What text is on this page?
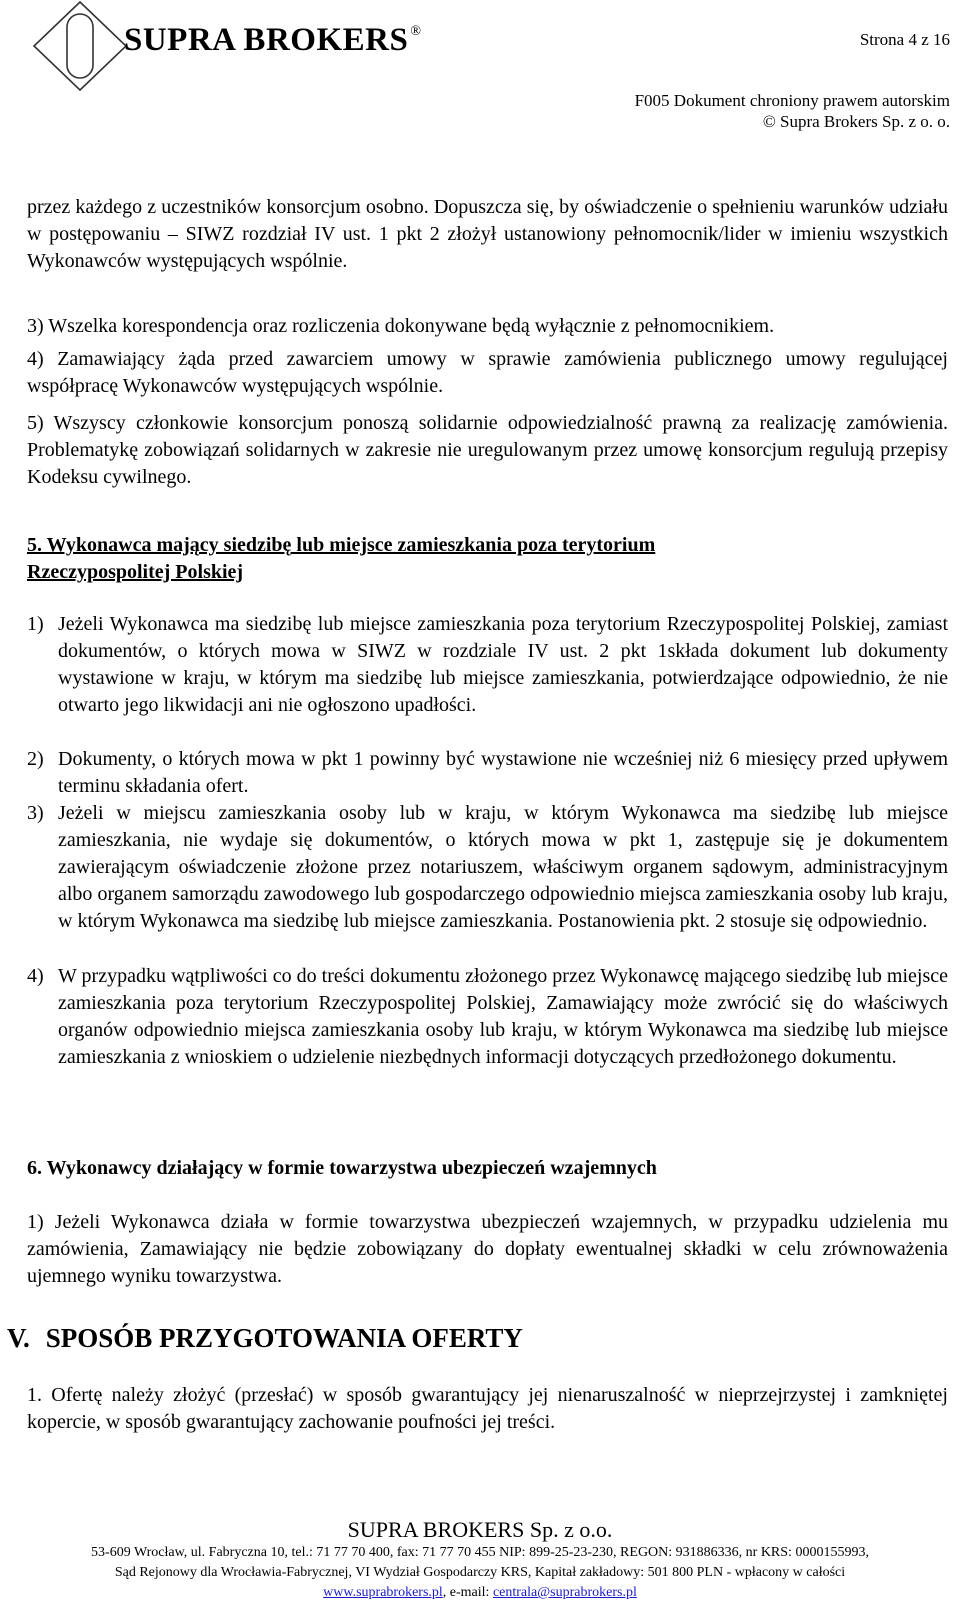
SUPRA BROKERS ®	Strona 4 z 16
F005 Dokument chroniony prawem autorskim
© Supra Brokers Sp. z o. o.
przez każdego z uczestników konsorcjum osobno. Dopuszcza się, by oświadczenie o spełnieniu warunków udziału w postępowaniu – SIWZ rozdział IV ust. 1 pkt 2 złożył ustanowiony pełnomocnik/lider w imieniu wszystkich Wykonawców występujących wspólnie.
3) Wszelka korespondencja oraz rozliczenia dokonywane będą wyłącznie z pełnomocnikiem.
4) Zamawiający żąda przed zawarciem umowy w sprawie zamówienia publicznego umowy regulującej współpracę Wykonawców występujących wspólnie.
5) Wszyscy członkowie konsorcjum ponoszą solidarnie odpowiedzialność prawną za realizację zamówienia. Problematykę zobowiązań solidarnych w zakresie nie uregulowanym przez umowę konsorcjum regulują przepisy Kodeksu cywilnego.
5. Wykonawca mający siedzibę lub miejsce zamieszkania poza terytorium
Rzeczypospolitej Polskiej
1) Jeżeli Wykonawca ma siedzibę lub miejsce zamieszkania poza terytorium Rzeczypospolitej Polskiej, zamiast dokumentów, o których mowa w SIWZ w rozdziale IV ust. 2 pkt 1składa dokument lub dokumenty wystawione w kraju, w którym ma siedzibę lub miejsce zamieszkania, potwierdzające odpowiednio, że nie otwarto jego likwidacji ani nie ogłoszono upadłości.
2) Dokumenty, o których mowa w pkt 1 powinny być wystawione nie wcześniej niż 6 miesięcy przed upływem terminu składania ofert.
3) Jeżeli w miejscu zamieszkania osoby lub w kraju, w którym Wykonawca ma siedzibę lub miejsce zamieszkania, nie wydaje się dokumentów, o których mowa w pkt 1, zastępuje się je dokumentem zawierającym oświadczenie złożone przez notariuszem, właściwym organem sądowym, administracyjnym albo organem samorządu zawodowego lub gospodarczego odpowiednio miejsca zamieszkania osoby lub kraju, w którym Wykonawca ma siedzibę lub miejsce zamieszkania. Postanowienia pkt. 2 stosuje się odpowiednio.
4) W przypadku wątpliwości co do treści dokumentu złożonego przez Wykonawcę mającego siedzibę lub miejsce zamieszkania poza terytorium Rzeczypospolitej Polskiej, Zamawiający może zwrócić się do właściwych organów odpowiednio miejsca zamieszkania osoby lub kraju, w którym Wykonawca ma siedzibę lub miejsce zamieszkania z wnioskiem o udzielenie niezbędnych informacji dotyczących przedłożonego dokumentu.
6. Wykonawcy działający w formie towarzystwa ubezpieczeń wzajemnych
1) Jeżeli Wykonawca działa w formie towarzystwa ubezpieczeń wzajemnych, w przypadku udzielenia mu zamówienia, Zamawiający nie będzie zobowiązany do dopłaty ewentualnej składki w celu zrównoważenia ujemnego wyniku towarzystwa.
V. SPOSÓB PRZYGOTOWANIA OFERTY
1. Ofertę należy złożyć (przesłać) w sposób gwarantujący jej nienaruszalność w nieprzejrzystej i zamkniętej kopercie, w sposób gwarantujący zachowanie poufności jej treści.
SUPRA BROKERS Sp. z o.o.
53-609 Wrocław, ul. Fabryczna 10, tel.: 71 77 70 400, fax: 71 77 70 455 NIP: 899-25-23-230, REGON: 931886336, nr KRS: 0000155993,
Sąd Rejonowy dla Wrocławia-Fabrycznej, VI Wydział Gospodarczy KRS, Kapitał zakładowy: 501 800 PLN - wpłacony w całości
www.suprabrokers.pl, e-mail: centrala@suprabrokers.pl
